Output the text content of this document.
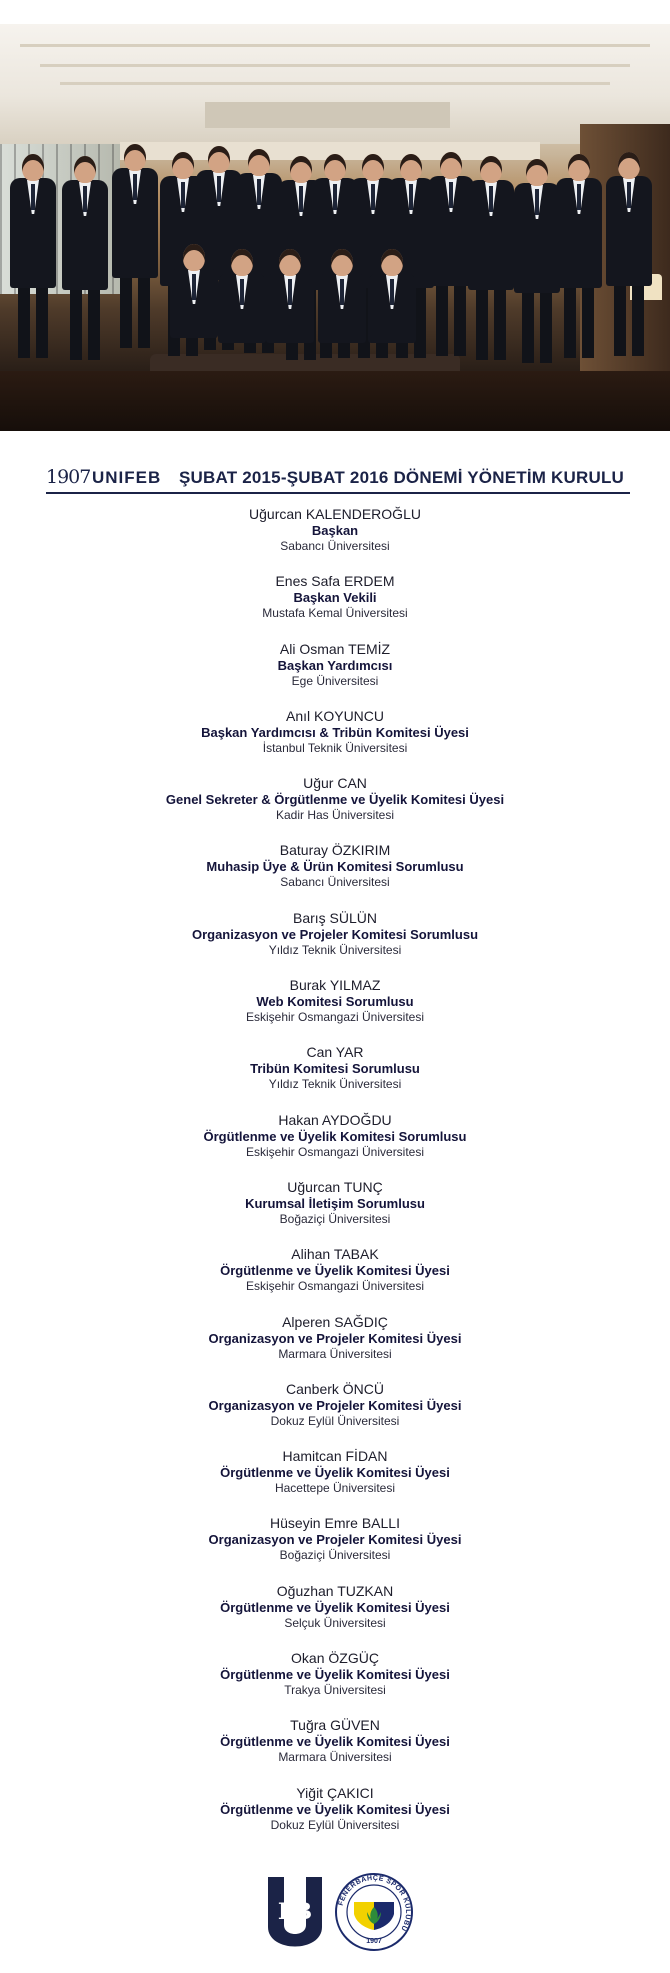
1907 UNIFEB ŞUBAT 2015-ŞUBAT 2016 DÖNEMİ YÖNETİM KURULU
Uğurcan KALENDEROĞLU
Başkan
Sabancı Üniversitesi
Enes Safa ERDEM
Başkan Vekili
Mustafa Kemal Üniversitesi
Ali Osman TEMİZ
Başkan Yardımcısı
Ege Üniversitesi
Anıl KOYUNCU
Başkan Yardımcısı & Tribün Komitesi Üyesi
İstanbul Teknik Üniversitesi
Uğur CAN
Genel Sekreter & Örgütlenme ve Üyelik Komitesi Üyesi
Kadir Has Üniversitesi
Baturay ÖZKIRIM
Muhasip Üye & Ürün Komitesi Sorumlusu
Sabancı Üniversitesi
Barış SÜLÜN
Organizasyon ve Projeler Komitesi Sorumlusu
Yıldız Teknik Üniversitesi
Burak YILMAZ
Web Komitesi Sorumlusu
Eskişehir Osmangazi Üniversitesi
Can YAR
Tribün Komitesi Sorumlusu
Yıldız Teknik Üniversitesi
Hakan AYDOĞDU
Örgütlenme ve Üyelik Komitesi Sorumlusu
Eskişehir Osmangazi Üniversitesi
Uğurcan TUNÇ
Kurumsal İletişim Sorumlusu
Boğaziçi Üniversitesi
Alihan TABAK
Örgütlenme ve Üyelik Komitesi Üyesi
Eskişehir Osmangazi Üniversitesi
Alperen SAĞDIÇ
Organizasyon ve Projeler Komitesi Üyesi
Marmara Üniversitesi
Canberk ÖNCÜ
Organizasyon ve Projeler Komitesi Üyesi
Dokuz Eylül Üniversitesi
Hamitcan FİDAN
Örgütlenme ve Üyelik Komitesi Üyesi
Hacettepe Üniversitesi
Hüseyin Emre BALLI
Organizasyon ve Projeler Komitesi Üyesi
Boğaziçi Üniversitesi
Oğuzhan TUZKAN
Örgütlenme ve Üyelik Komitesi Üyesi
Selçuk Üniversitesi
Okan ÖZGÜÇ
Örgütlenme ve Üyelik Komitesi Üyesi
Trakya Üniversitesi
Tuğra GÜVEN
Örgütlenme ve Üyelik Komitesi Üyesi
Marmara Üniversitesi
Yiğit ÇAKICI
Örgütlenme ve Üyelik Komitesi Üyesi
Dokuz Eylül Üniversitesi
FB	FENERBAHÇE SPOR KULÜBÜ
1907
